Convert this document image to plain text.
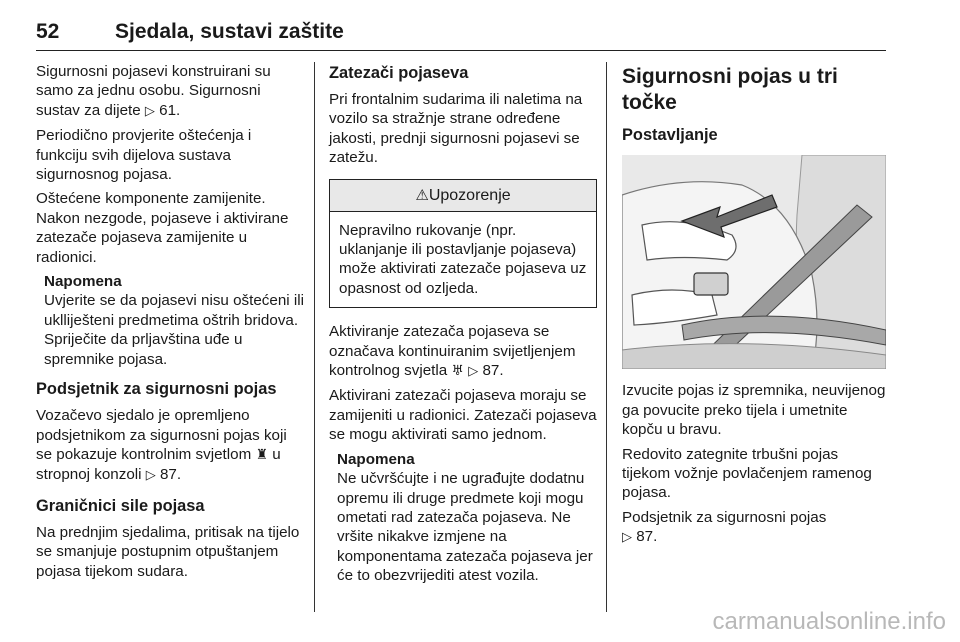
52	Sjedala, sustavi zaštite

Sigurnosni pojasevi konstruirani su samo za jednu osobu. Sigurnosni sustav za dijete ▷ 61.

Periodično provjerite oštećenja i funkciju svih dijelova sustava sigurnosnog pojasa.

Oštećene komponente zamijenite. Nakon nezgode, pojaseve i aktivirane zatezače pojaseva zamijenite u radionici.

Napomena
Uvjerite se da pojasevi nisu oštećeni ili uklliješteni predmetima oštrih bridova. Spriječite da prljavština uđe u spremnike pojasa.
Podsjetnik za sigurnosni pojas

Vozačevo sjedalo je opremljeno podsjetnikom za sigurnosni pojas koji se pokazuje kontrolnim svjetlom ♜ u stropnoj konzoli ▷ 87.

Graničnici sile pojasa

Na prednjim sjedalima, pritisak na tijelo se smanjuje postupnim otpuštanjem pojasa tijekom sudara.

Zatezači pojaseva

Pri frontalnim sudarima ili naletima na vozilo sa stražnje strane određene jakosti, prednji sigurnosni pojasevi se zatežu.

⚠Upozorenje
Nepravilno rukovanje (npr. uklanjanje ili postavljanje pojaseva) može aktivirati zatezače pojaseva uz opasnost od ozljeda.

Aktiviranje zatezača pojaseva se označava kontinuiranim svijetljenjem kontrolnog svjetla ♅ ▷ 87.

Aktivirani zatezači pojaseva moraju se zamijeniti u radionici. Zatezači pojaseva se mogu aktivirati samo jednom.

Napomena
Ne učvršćujte i ne ugrađujte dodatnu opremu ili druge predmete koji mogu ometati rad zatezača pojaseva. Ne vršite nikakve izmjene na komponentama zatezača pojaseva jer će to obezvrijediti atest vozila.
Sigurnosni pojas u tri točke
Postavljanje

Izvucite pojas iz spremnika, neuvijenog ga povucite preko tijela i umetnite kopču u bravu.

Redovito zategnite trbušni pojas tijekom vožnje povlačenjem ramenog pojasa.

Podsjetnik za sigurnosni pojas
▷ 87.

carmanualsonline.info
